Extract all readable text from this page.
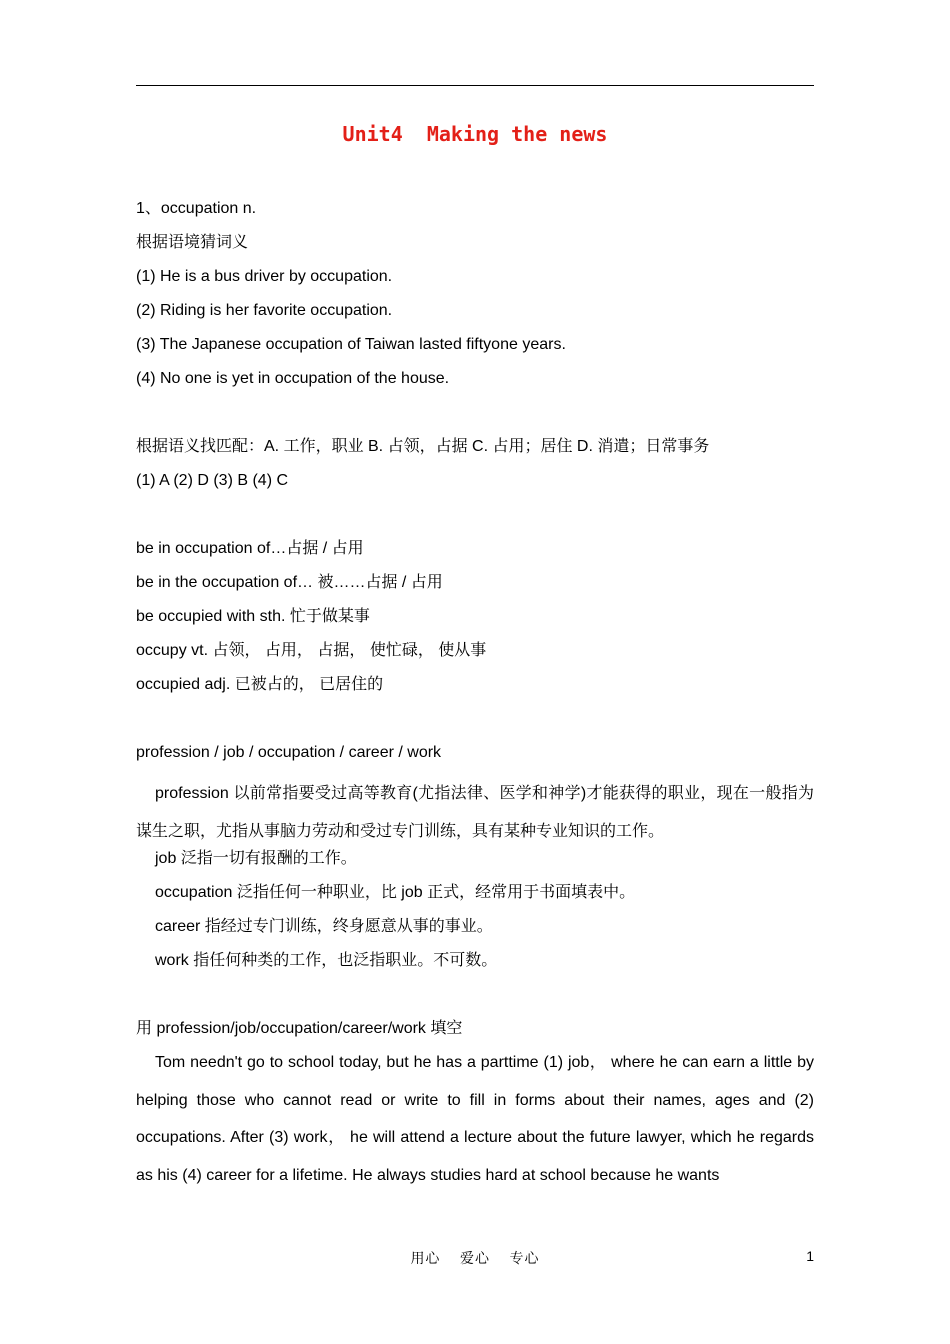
Unit4  Making the news
1、occupation n.
根据语境猜词义
(1) He is a bus driver by occupation.
(2) Riding is her favorite occupation.
(3) The Japanese occupation of Taiwan lasted fiftyone years.
(4) No one is yet in occupation of the house.
根据语义找匹配：A. 工作，职业 B. 占领，占据 C. 占用；居住 D. 消遣；日常事务
(1) A (2) D (3) B (4) C
be in occupation of…占据 / 占用
be in the occupation of… 被……占据 / 占用
be occupied with sth. 忙于做某事
occupy vt. 占领， 占用， 占据， 使忙碌， 使从事
occupied adj. 已被占的， 已居住的
profession / job / occupation / career / work
profession 以前常指要受过高等教育(尤指法律、医学和神学)才能获得的职业，现在一般指为谋生之职，尤指从事脑力劳动和受过专门训练，具有某种专业知识的工作。
job 泛指一切有报酬的工作。
occupation 泛指任何一种职业，比 job 正式，经常用于书面填表中。
career 指经过专门训练，终身愿意从事的事业。
work 指任何种类的工作，也泛指职业。不可数。
用 profession/job/occupation/career/work 填空
Tom needn't go to school today, but he has a parttime (1) job， where he can earn a little by helping those who cannot read or write to fill in forms about their names, ages and (2) occupations. After (3) work， he will attend a lecture about the future lawyer, which he regards as his (4) career for a lifetime. He always studies hard at school because he wants
用心    爱心    专心	1
